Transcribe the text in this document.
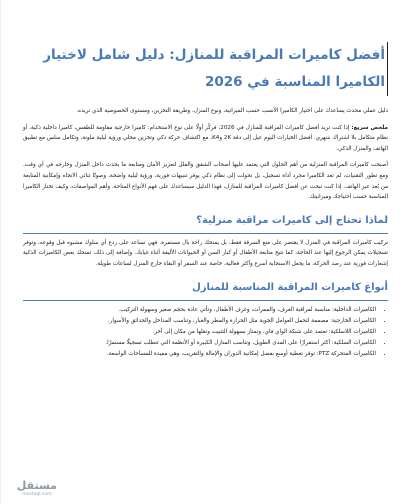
أفضل كاميرات المراقبة للمنازل: دليل شامل لاختيار الكاميرا المناسبة في 2026

دليل عملي محدث يساعدك على اختيار الكاميرا الأنسب حسب الميزانية، ونوع المنزل، وطريقة التخزين، ومستوى الخصوصية الذي تريده.

ملخص سريع: إذا كنت تريد أفضل كاميرات المراقبة للمنازل في 2026، فركّز أولًا على نوع الاستخدام: كاميرا خارجية مقاومة للطقس، كاميرا داخلية ذكية، أو نظام متكامل بلا اشتراك شهري. أفضل الخيارات اليوم عيل إلى دقة 2K وK4، مع اكتشاف حركة ذكي وتخزين محلي ورؤية ليلية ملونة، وتكامل سلس مع تطبيق الهاتف والمنزل الذكي.

أصبحت كاميرات المراقبة المنزلية من أهم الحلول التي يعتمد عليها أصحاب الشقق والفلل لتعزيز الأمان ومتابعة ما يحدث داخل المنزل وخارجه في أي وقت. ومع تطور التقنيات، لم تعد الكاميرا مجرد أداة تسجيل، بل تحولت إلى نظام ذكي يوفر تنبيهات فورية، ورؤية ليلية واضحة، وصوتًا ثنائي الاتجاه وإمكانية المتابعة من بُعد عبر الهاتف. إذا كنت تبحث عن أفضل كاميرات المراقبة للمنازل، فهذا الدليل سيساعدك على فهم الأنواع المتاحة، وأهم المواصفات، وكيف تختار الكاميرا المناسبة حسب احتياجك وميزانيتك.

لماذا تحتاج إلى كاميرات مراقبة منزلية؟

تركيب كاميرات المراقبة في المنزل لا يقتصر على منع السرقة فقط، بل يمنحك راحة بال مستمرة. فهي تساعد على ردع أي سلوك مشبوه قبل وقوعه، وتوفر تسجيلات يمكن الرجوع إليها عند الحاجة، كما تتيح متابعة الأطفال أو كبار السن أو الحيوانات الأليفة أثناء غيابك. وإضافة إلى ذلك، تمنحك بعض الكاميرات الذكية إشعارات فورية عند رصد الحركة، ما يجعل الاستجابة أسرع وأكثر فعالية، خاصة عند السفر أو البقاء خارج المنزل لساعات طويلة.

أنواع كاميرات المراقبة المناسبة للمنازل
• الكاميرات الداخلية: مناسبة لمراقبة الغرف، والممرات، وغرف الأطفال، وتأتي عادة بحجم صغير وسهولة التركيب.
• الكاميرات الخارجية: مصممة لتحمل العوامل الجوية مثل الحرارة والمطر والغبار، وتناسب المداخل والحدائق والأسوار.
• الكاميرات اللاسلكية: تعتمد على شبكة الواي فاي، وتمتاز بسهولة التثبيت ونقلها من مكان إلى آخر.
• الكاميرات السلكية: أكثر استقرارًا على المدى الطويل، وتناسب المنازل الكبيرة أو الأنظمة التي تتطلب تسجيلًا مستمرًا.
• الكاميرات المتحركة PTZ: توفر تغطية أوسع بفضل إمكانية الدوران والإمالة والتقريب، وهي مفيدة للمساحات الواسعة.
مستقل
mostaql.com
